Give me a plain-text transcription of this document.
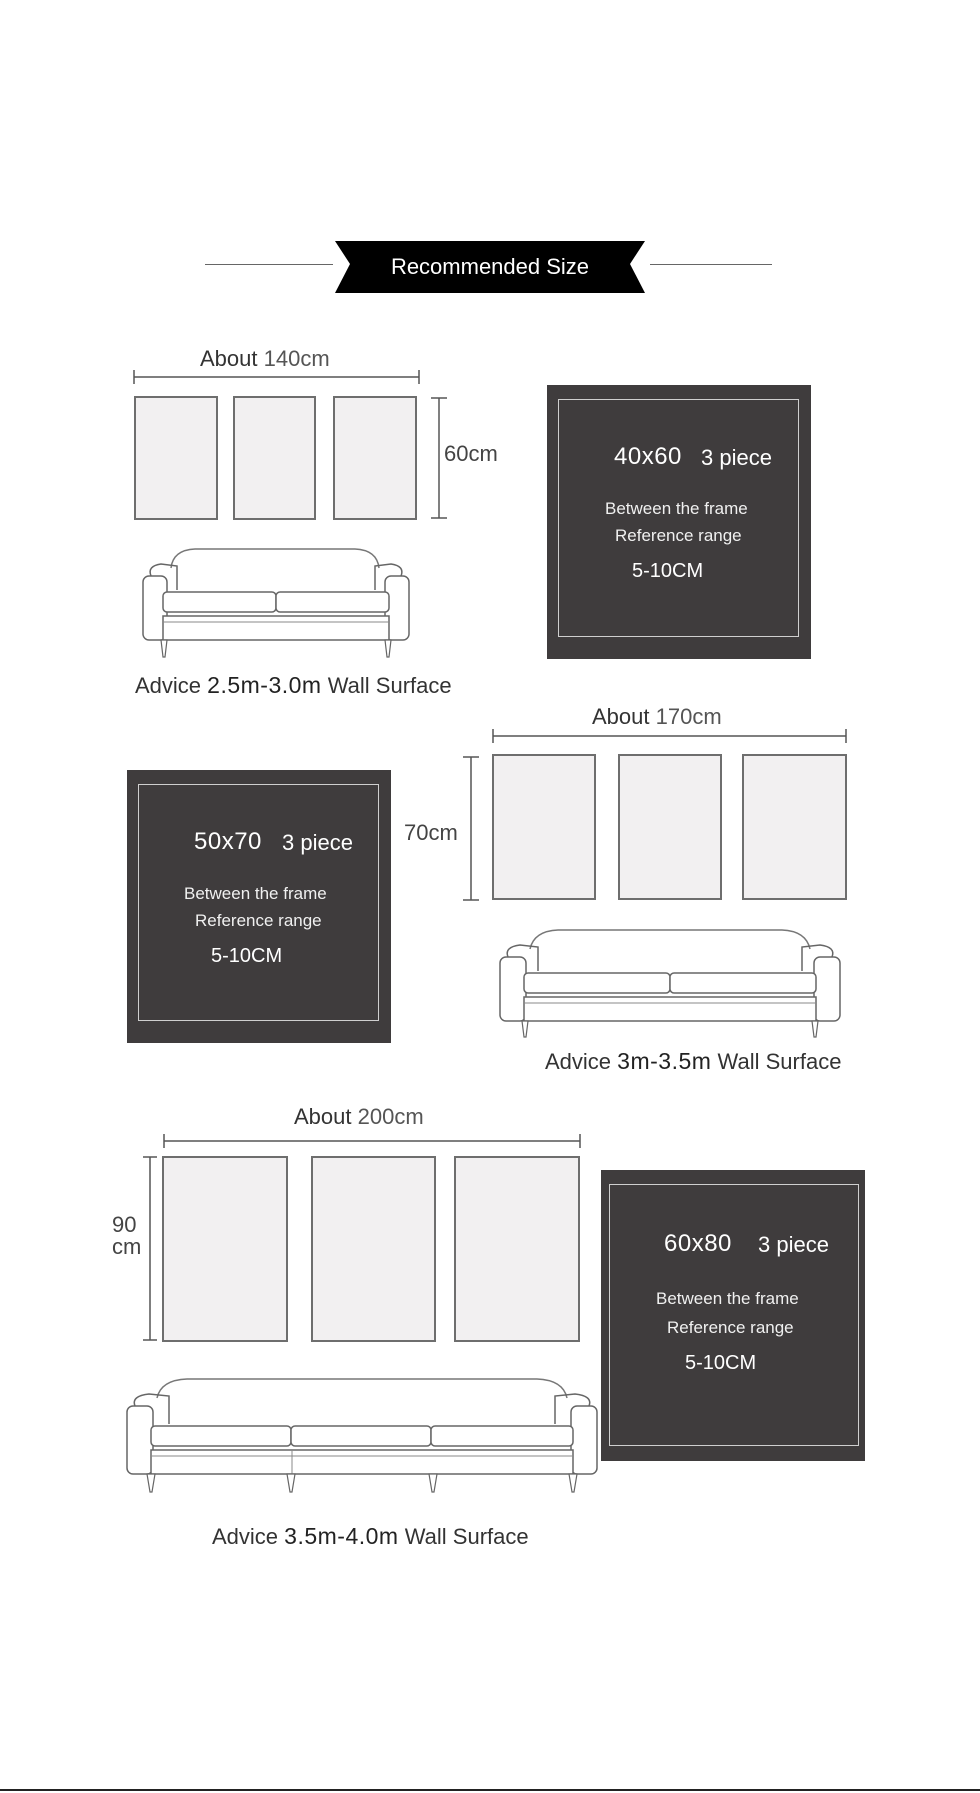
Recommended Size
About 140cm
60cm	40x60 3 piece
Between the frame
Reference range
5-10CM
Advice 2.5m-3.0m Wall Surface
About 170cm
70cm
50x70 3 piece
Between the frame
Reference range
5-10CM
Advice 3m-3.5m Wall Surface
About 200cm
90
cm	60x80 3 piece
Between the frame
Reference range
5-10CM
Advice 3.5m-4.0m Wall Surface
